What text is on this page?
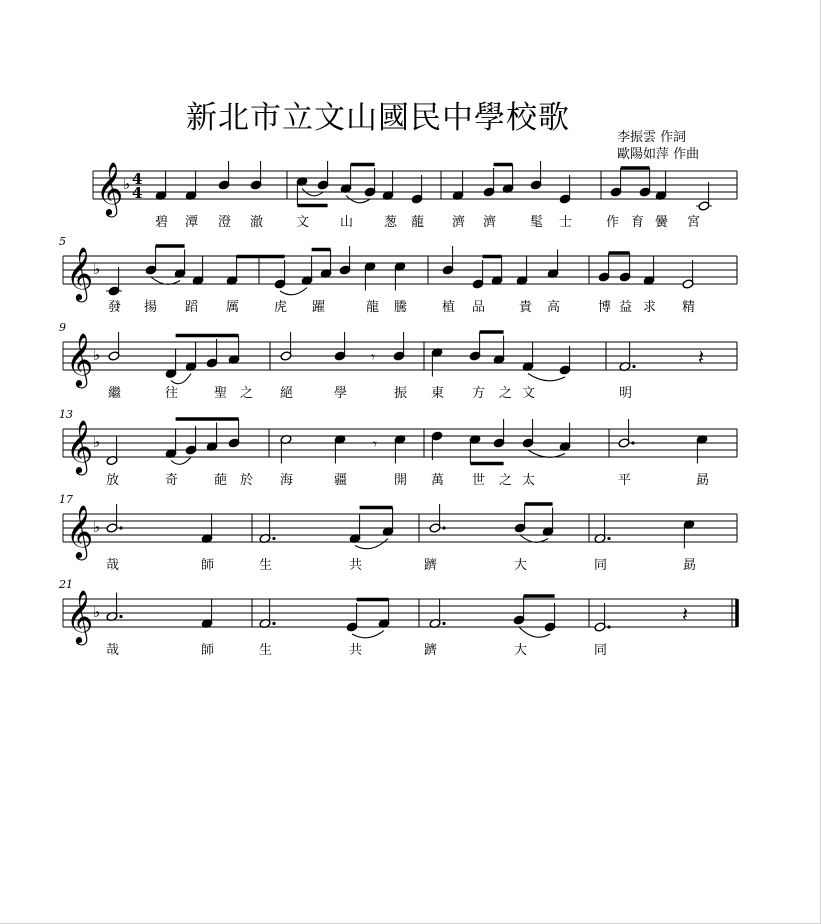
新北市立文山國民中學校歌
李振雲 作詞
歐陽如萍 作曲
♭ 4
4
碧 潭 澄 澈	文 山 葱 蘢 濟 濟	髦 士	作 育 黌 宮
𝄞
♭
5
發 揚 蹈 厲	虎 躍	龍 騰	植 品	貴 高	博 益 求 精
𝄞
♭
9
𝄾	𝄽
繼	往	聖 之 絕	學	振 東 方 之 文	明
𝄞
♭
13
𝄾
放	奇	葩 於 海	疆	開 萬 世 之 太	平	勗
𝄞
♭
17
哉	師	生	共	躋	大	同	勗
𝄞
♭
21
𝄽
哉	師	生	共	躋	大	同
𝄞
